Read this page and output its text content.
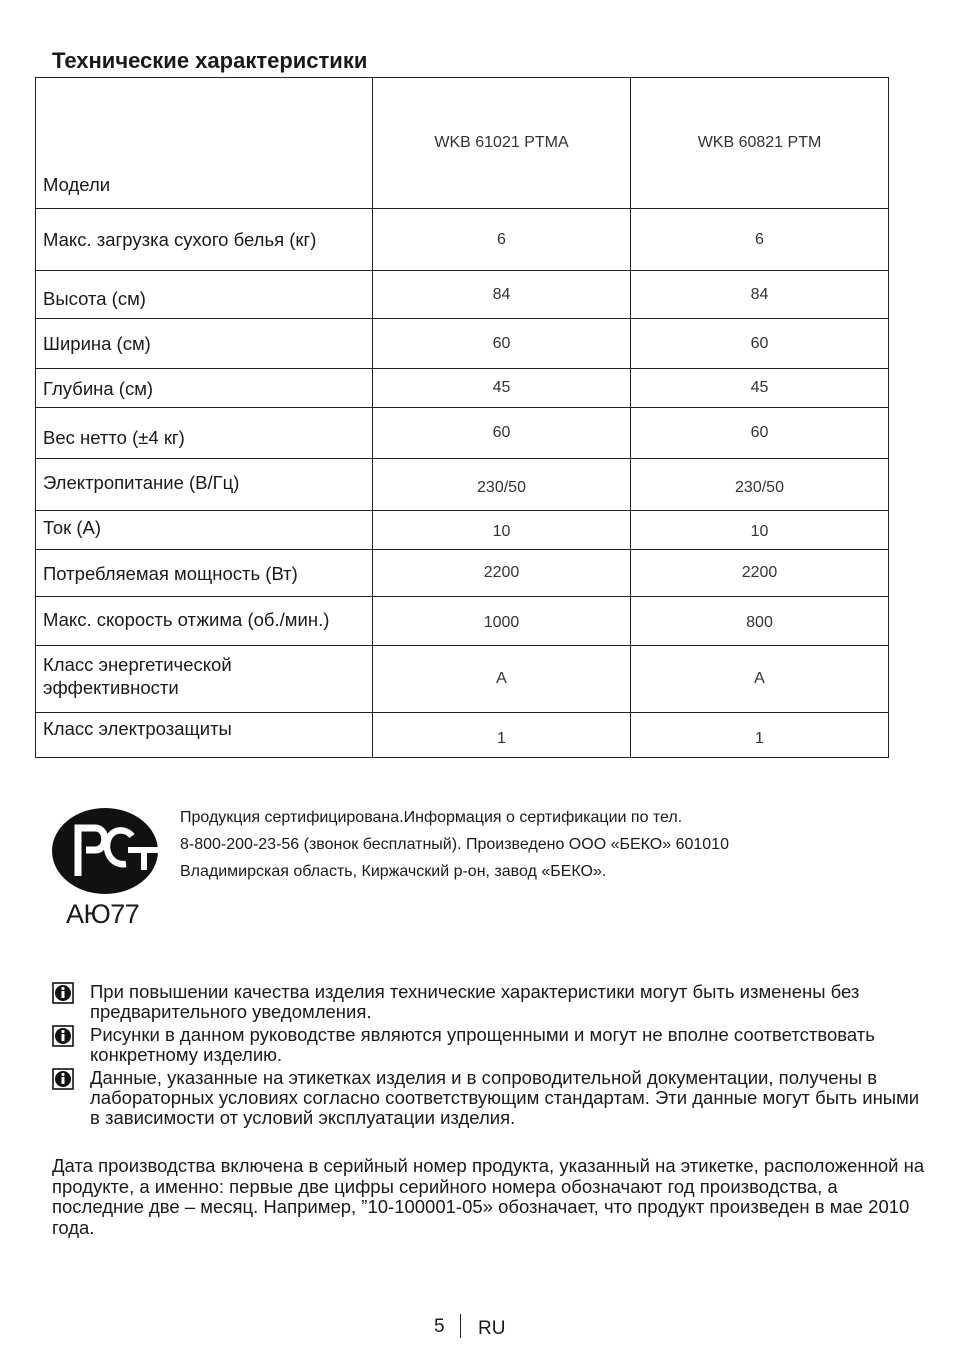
Технические характеристики
Модели	WKB 61021 PTMA	WKB 60821 PTM
Макс. загрузка сухого белья (кг)	6	6
Высота (см)	84	84
Ширина (см)	60	60
Глубина (см)	45	45
Вес нетто (±4 кг)	60	60
Электропитание (В/Гц)	230/50	230/50
Ток (А)	10	10
Потребляемая мощность (Вт)	2200	2200
Макс. скорость отжима (об./мин.)	1000	800
Класс энергетической эффективности	A	A
Класс электрозащиты	1	1
АЮ77
Продукция сертифицирована.Информация о сертификации по тел.
8-800-200-23-56 (звонок бесплатный). Произведено ООО «БЕКО» 601010
Владимирская область, Киржачский р-он, завод «БЕКО».
При повышении качества изделия технические характеристики могут быть изменены без предварительного уведомления.
Рисунки в данном руководстве являются упрощенными и могут не вполне соответствовать конкретному изделию.
Данные, указанные на этикетках изделия и в сопроводительной документации, получены в лабораторных условиях согласно соответствующим стандартам. Эти данные могут быть иными в зависимости от условий эксплуатации изделия.
Дата производства включена в серийный номер продукта, указанный на этикетке, расположенной на продукте, а именно: первые две цифры серийного номера обозначают год производства, а последние две – месяц. Например, ”10-100001-05» обозначает, что продукт произведен в мае 2010 года.
5 RU
